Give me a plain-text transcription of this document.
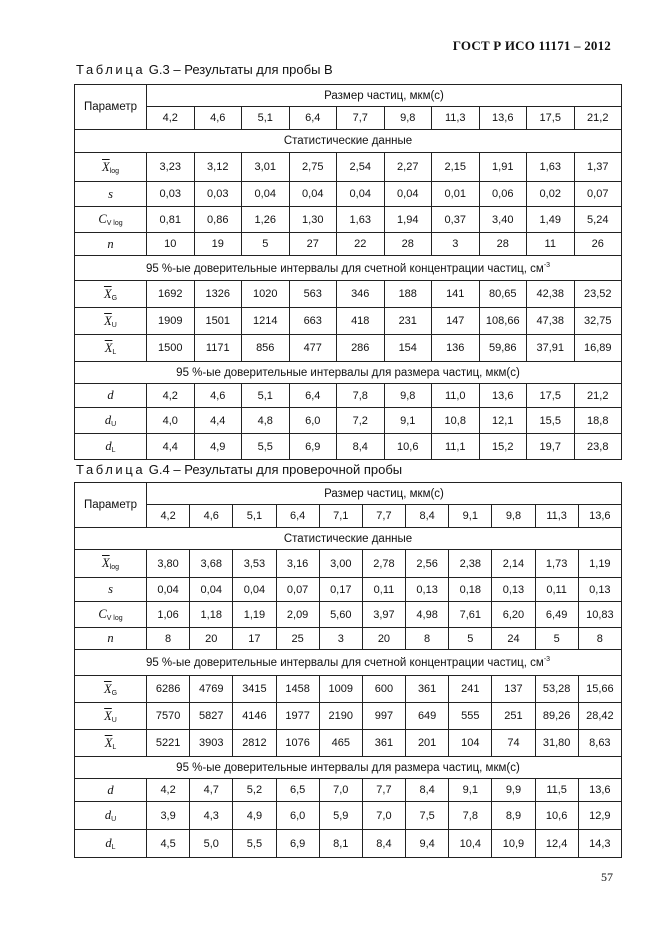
ГОСТ Р ИСО 11171 – 2012
Таблица G.3 – Результаты для пробы В
Параметр	Размер частиц, мкм(с)									
	4,2	4,6	5,1	6,4	7,7	9,8	11,3	13,6	17,5	21,2
Статистические данные										
$\overline{X}_{log}$	3,23	3,12	3,01	2,75	2,54	2,27	2,15	1,91	1,63	1,37
s	0,03	0,03	0,04	0,04	0,04	0,04	0,01	0,06	0,02	0,07
$C_{V log}$	0,81	0,86	1,26	1,30	1,63	1,94	0,37	3,40	1,49	5,24
n	10	19	5	27	22	28	3	28	11	26
95 %-ые доверительные интервалы для счетной концентрации частиц, $см^{-3}$
$\overline{X}_G$	1692	1326	1020	563	346	188	141	80,65	42,38	23,52
$\overline{X}_U$	1909	1501	1214	663	418	231	147	108,66	47,38	32,75
$\overline{X}_L$	1500	1171	856	477	286	154	136	59,86	37,91	16,89
95 %-ые доверительные интервалы для размера частиц, мкм(с)										
d	4,2	4,6	5,1	6,4	7,8	9,8	11,0	13,6	17,5	21,2
$d_U$	4,0	4,4	4,8	6,0	7,2	9,1	10,8	12,1	15,5	18,8
$d_L$	4,4	4,9	5,5	6,9	8,4	10,6	11,1	15,2	19,7	23,8
Таблица G.4 – Результаты для проверочной пробы
Параметр	Размер частиц, мкм(с)										
	4,2	4,6	5,1	6,4	7,1	7,7	8,4	9,1	9,8	11,3	13,6
Статистические данные											
$\overline{X}_{log}$	3,80	3,68	3,53	3,16	3,00	2,78	2,56	2,38	2,14	1,73	1,19
s	0,04	0,04	0,04	0,07	0,17	0,11	0,13	0,18	0,13	0,11	0,13
$C_{V log}$	1,06	1,18	1,19	2,09	5,60	3,97	4,98	7,61	6,20	6,49	10,83
n	8	20	17	25	3	20	8	5	24	5	8
95 %-ые доверительные интервалы для счетной концентрации частиц, $см^{-3}$
$\overline{X}_G$	6286	4769	3415	1458	1009	600	361	241	137	53,28	15,66
$\overline{X}_U$	7570	5827	4146	1977	2190	997	649	555	251	89,26	28,42
$\overline{X}_L$	5221	3903	2812	1076	465	361	201	104	74	31,80	8,63
95 %-ые доверительные интервалы для размера частиц, мкм(с)											
d	4,2	4,7	5,2	6,5	7,0	7,7	8,4	9,1	9,9	11,5	13,6
$d_U$	3,9	4,3	4,9	6,0	5,9	7,0	7,5	7,8	8,9	10,6	12,9
$d_L$	4,5	5,0	5,5	6,9	8,1	8,4	9,4	10,4	10,9	12,4	14,3
57
